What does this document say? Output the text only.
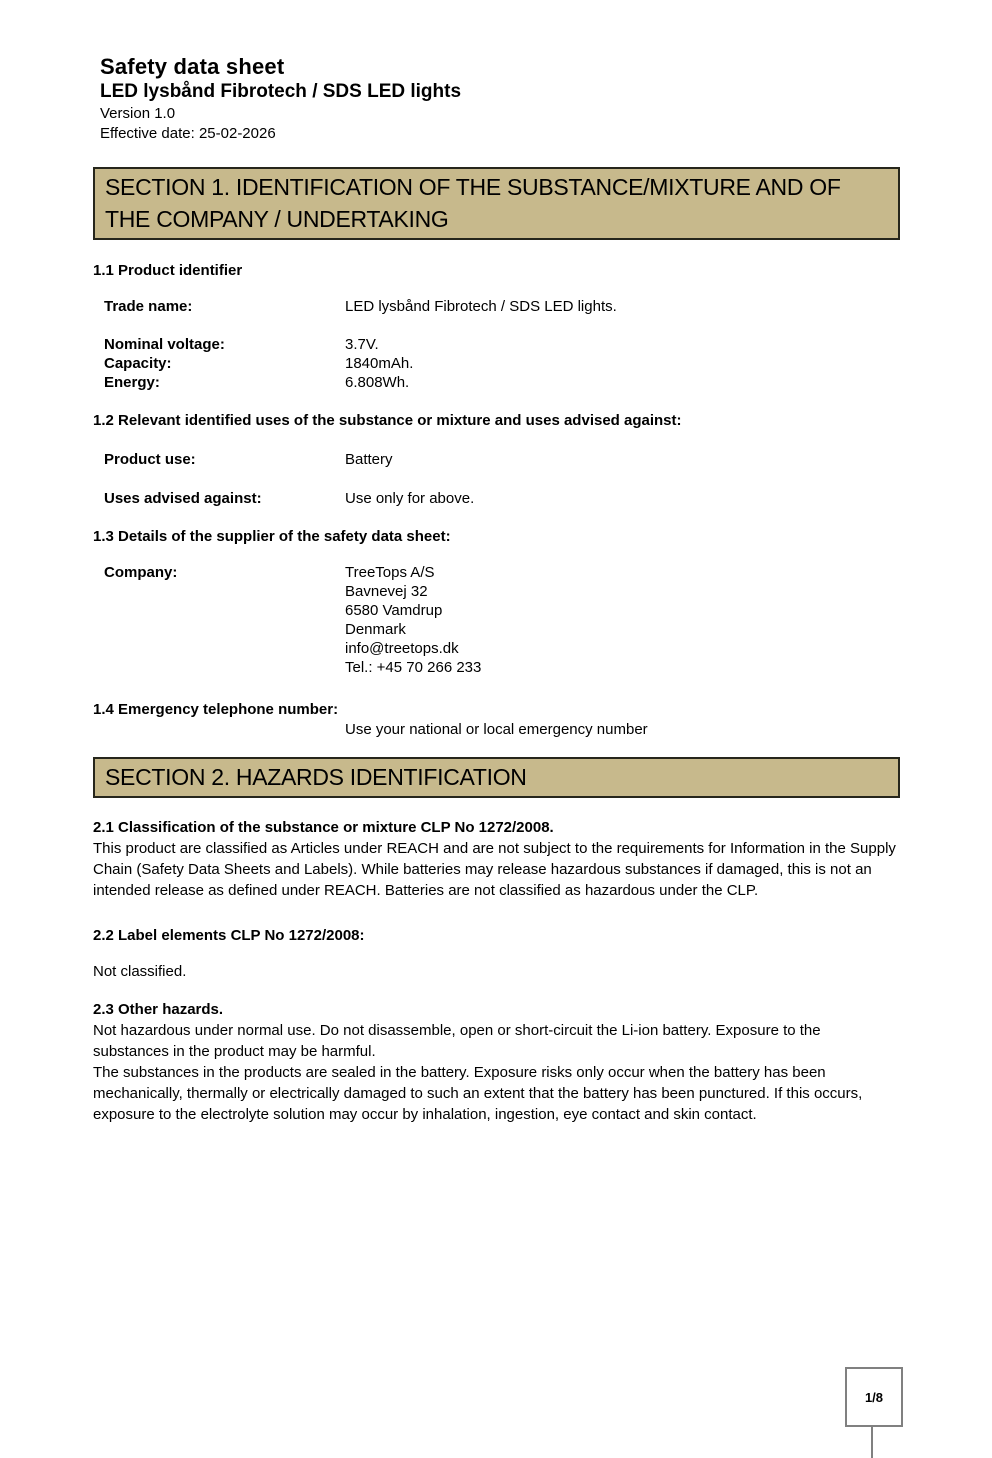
Safety data sheet
LED lysbånd Fibrotech / SDS LED lights
Version 1.0
Effective date: 25-02-2026
SECTION 1. IDENTIFICATION OF THE SUBSTANCE/MIXTURE AND OF THE COMPANY / UNDERTAKING
1.1 Product identifier
Trade name:	LED lysbånd Fibrotech / SDS LED lights.
Nominal voltage:	3.7V.
Capacity:	1840mAh.
Energy:	6.808Wh.
1.2 Relevant identified uses of the substance or mixture and uses advised against:
Product use:	Battery
Uses advised against:	Use only for above.
1.3 Details of the supplier of the safety data sheet:
Company:	TreeTops A/S
Bavnevej 32
6580 Vamdrup
Denmark
info@treetops.dk
Tel.: +45 70 266 233
1.4 Emergency telephone number:
Use your national or local emergency number
SECTION 2. HAZARDS IDENTIFICATION
2.1 Classification of the substance or mixture CLP No 1272/2008.
This product are classified as Articles under REACH and are not subject to the requirements for Information in the Supply Chain (Safety Data Sheets and Labels). While batteries may release hazardous substances if damaged, this is not an intended release as defined under REACH. Batteries are not classified as hazardous under the CLP.
2.2 Label elements CLP No 1272/2008:
Not classified.
2.3 Other hazards.
Not hazardous under normal use. Do not disassemble, open or short-circuit the Li-ion battery. Exposure to the substances in the product may be harmful.
The substances in the products are sealed in the battery. Exposure risks only occur when the battery has been mechanically, thermally or electrically damaged to such an extent that the battery has been punctured. If this occurs, exposure to the electrolyte solution may occur by inhalation, ingestion, eye contact and skin contact.
1/8
